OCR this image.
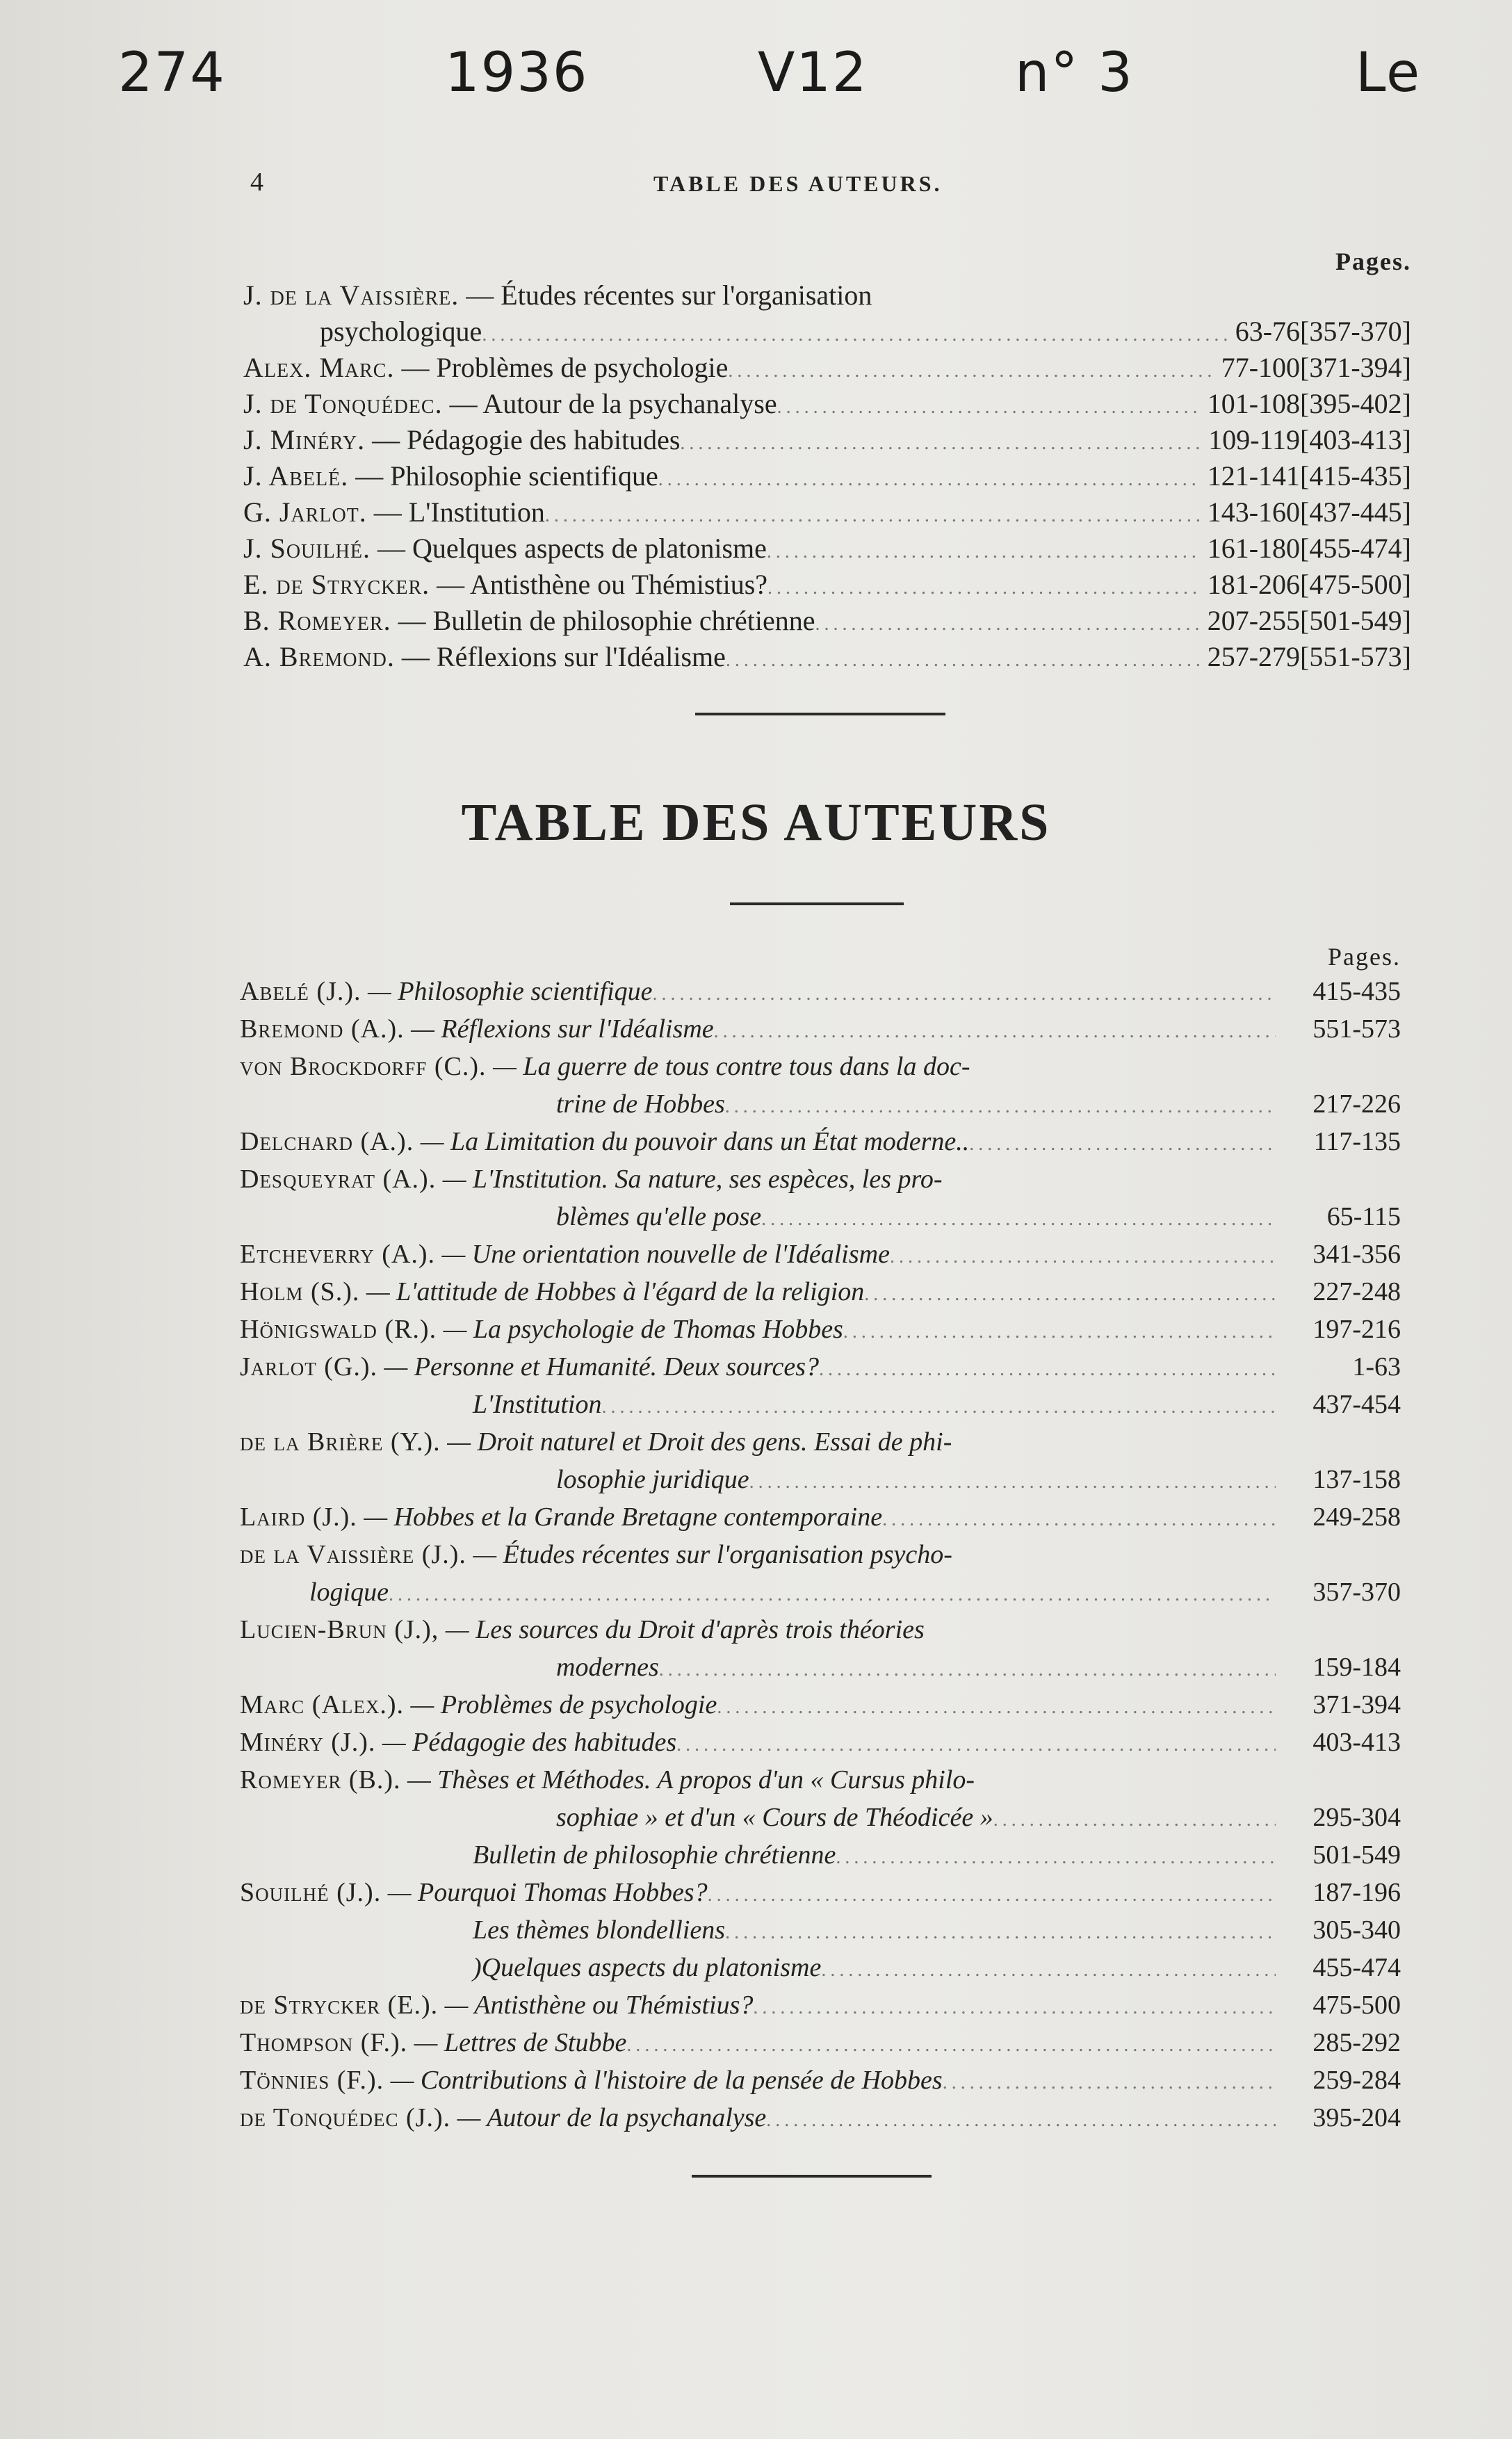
274	1936	V12	n° 3	Le
4	TABLE DES AUTEURS.
Pages.
J. de la Vaissière. — Études récentes sur l'organisation
psychologique .....	63-76[357-370]
Alex. Marc. — Problèmes de psychologie .....	77-100[371-394]
J. de Tonquédec. — Autour de la psychanalyse .....	101-108[395-402]
J. Minéry. — Pédagogie des habitudes .....	109-119[403-413]
J. Abelé. — Philosophie scientifique .....	121-141[415-435]
G. Jarlot. — L'Institution .....	143-160[437-445]
J. Souilhé. — Quelques aspects de platonisme .....	161-180[455-474]
E. de Strycker. — Antisthène ou Thémistius? .....	181-206[475-500]
B. Romeyer. — Bulletin de philosophie chrétienne .....	207-255[501-549]
A. Bremond. — Réflexions sur l'Idéalisme .....	257-279[551-573]
TABLE DES AUTEURS
Pages.
Abelé (J.). — Philosophie scientifique .....	415-435
Bremond (A.). — Réflexions sur l'Idéalisme .....	551-573
von Brockdorff (C.). — La guerre de tous contre tous dans la doc-
trine de Hobbes .....	217-226
Delchard (A.). — La Limitation du pouvoir dans un État moderne.. .....	117-135
Desqueyrat (A.). — L'Institution. Sa nature, ses espèces, les pro-
blèmes qu'elle pose .....	65-115
Etcheverry (A.). — Une orientation nouvelle de l'Idéalisme .....	341-356
Holm (S.). — L'attitude de Hobbes à l'égard de la religion .....	227-248
Hönigswald (R.). — La psychologie de Thomas Hobbes .....	197-216
Jarlot (G.). — Personne et Humanité. Deux sources? .....	1-63
L'Institution .....	437-454
de la Brière (Y.). — Droit naturel et Droit des gens. Essai de phi-
losophie juridique .....	137-158
Laird (J.). — Hobbes et la Grande Bretagne contemporaine .....	249-258
de la Vaissière (J.). — Études récentes sur l'organisation psycho-
logique .....	357-370
Lucien-Brun (J.), — Les sources du Droit d'après trois théories
modernes .....	159-184
Marc (Alex.). — Problèmes de psychologie .....	371-394
Minéry (J.). — Pédagogie des habitudes .....	403-413
Romeyer (B.). — Thèses et Méthodes. A propos d'un « Cursus philo-
sophiae » et d'un « Cours de Théodicée » .....	295-304
Bulletin de philosophie chrétienne .....	501-549
Souilhé (J.). — Pourquoi Thomas Hobbes? .....	187-196
Les thèmes blondelliens .....	305-340
)Quelques aspects du platonisme .....	455-474
de Strycker (E.). — Antisthène ou Thémistius? .....	475-500
Thompson (F.). — Lettres de Stubbe .....	285-292
Tönnies (F.). — Contributions à l'histoire de la pensée de Hobbes .....	259-284
de Tonquédec (J.). — Autour de la psychanalyse .....	395-204
